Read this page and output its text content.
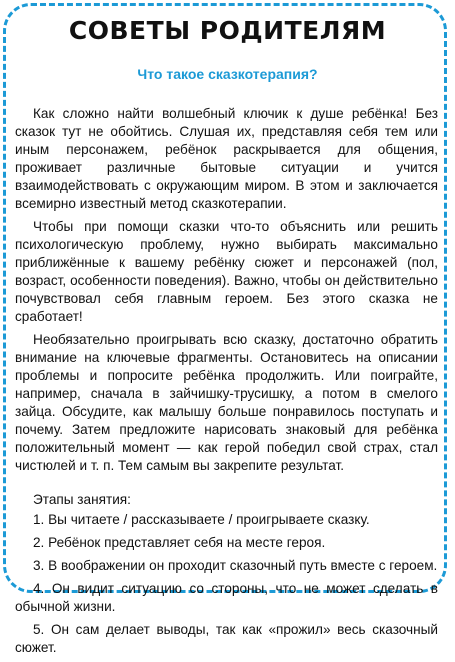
СОВЕТЫ РОДИТЕЛЯМ
Что такое сказкотерапия?

Как сложно найти волшебный ключик к душе ребёнка! Без сказок тут не обойтись. Слушая их, представляя себя тем или иным персонажем, ребёнок раскрывается для общения, проживает различные бытовые ситуации и учится взаимодействовать с окружающим миром. В этом и заключается всемирно известный метод сказкотерапии.

Чтобы при помощи сказки что-то объяснить или решить психологическую проблему, нужно выбирать максимально приближённые к вашему ребёнку сюжет и персонажей (пол, возраст, особенности поведения). Важно, чтобы он действительно почувствовал себя главным героем. Без этого сказка не сработает!

Необязательно проигрывать всю сказку, достаточно обратить внимание на ключевые фрагменты. Остановитесь на описании проблемы и попросите ребёнка продолжить. Или поиграйте, например, сначала в зайчишку-трусишку, а потом в смелого зайца. Обсудите, как малышу больше понравилось поступать и почему. Затем предложите нарисовать знаковый для ребёнка положительный момент — как герой победил свой страх, стал чистюлей и т. п. Тем самым вы закрепите результат.

Этапы занятия:

1. Вы читаете / рассказываете / проигрываете сказку.

2. Ребёнок представляет себя на месте героя.

3. В воображении он проходит сказочный путь вместе с героем.

4. Он видит ситуацию со стороны, что не может сделать в обычной жизни.

5. Он сам делает выводы, так как «прожил» весь сказочный сюжет.
